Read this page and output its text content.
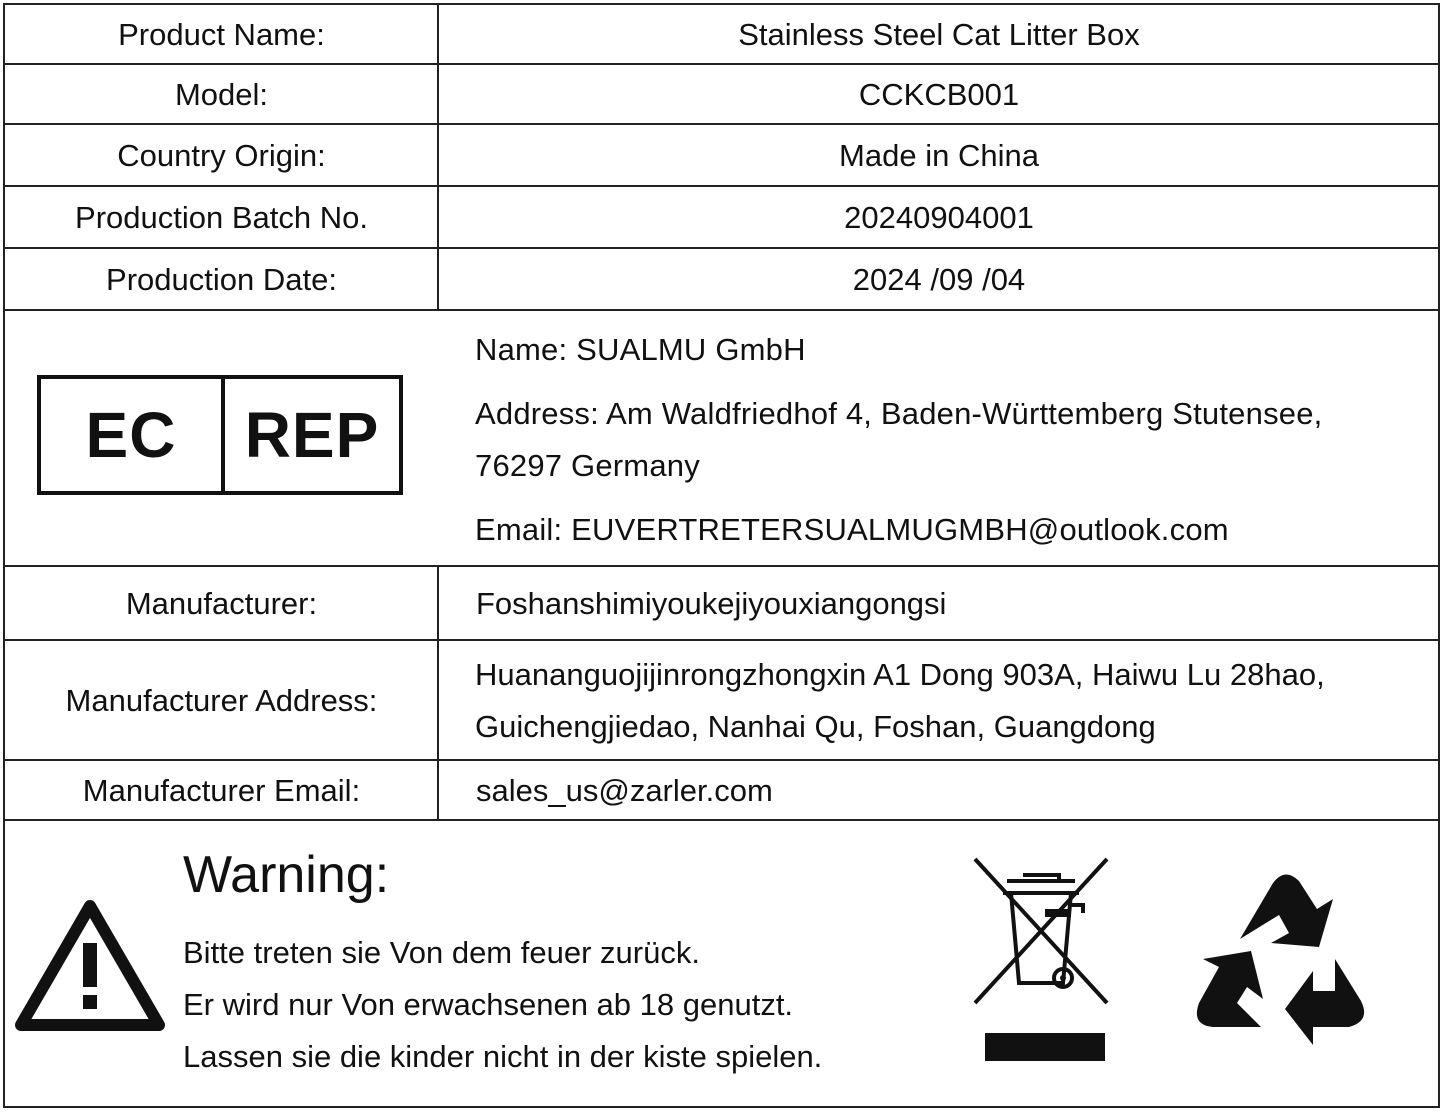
Product Name:	Stainless Steel Cat Litter Box
Model:	CCKCB001
Country Origin:	Made in China
Production Batch No.	20240904001
Production Date:	2024 /09 /04
EC	REP
Name: SUALMU GmbH
Address: Am Waldfriedhof 4, Baden-Württemberg Stutensee,
76297 Germany
Email: EUVERTRETERSUALMUGMBH@outlook.com
Manufacturer:	Foshanshimiyoukejiyouxiangongsi
Manufacturer Address:
Huananguojijinrongzhongxin A1 Dong 903A, Haiwu Lu 28hao,
Guichengjiedao, Nanhai Qu, Foshan, Guangdong
Manufacturer Email:	sales_us@zarler.com
Warning:
Bitte treten sie Von dem feuer zurück.
Er wird nur Von erwachsenen ab 18 genutzt.
Lassen sie die kinder nicht in der kiste spielen.
